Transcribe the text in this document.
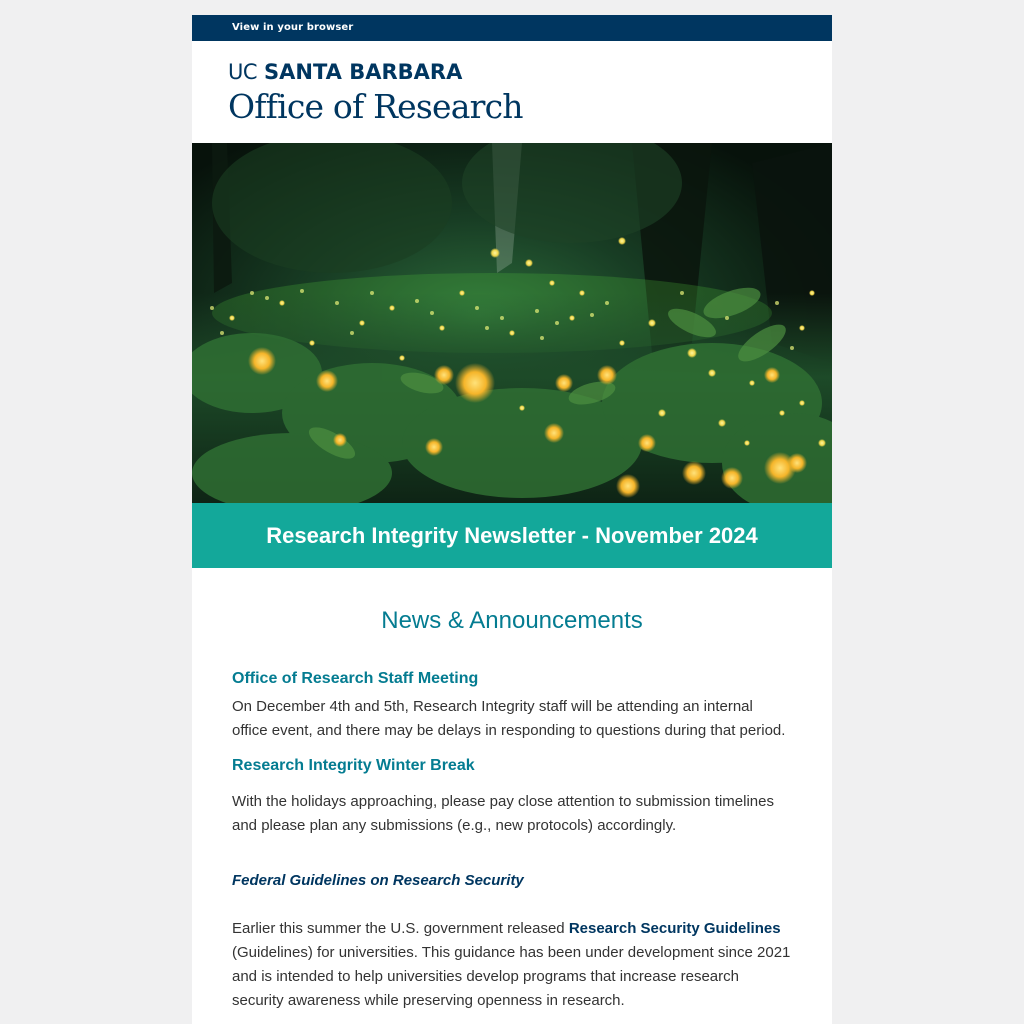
View in your browser
UC SANTA BARBARA
Office of Research
Research Integrity Newsletter - November 2024
News & Announcements
Office of Research Staff Meeting

On December 4th and 5th, Research Integrity staff will be attending an internal office event, and there may be delays in responding to questions during that period.

Research Integrity Winter Break

With the holidays approaching, please pay close attention to submission timelines and please plan any submissions (e.g., new protocols) accordingly.

Federal Guidelines on Research Security

Earlier this summer the U.S. government released Research Security Guidelines (Guidelines) for universities. This guidance has been under development since 2021 and is intended to help universities develop programs that increase research security awareness while preserving openness in research.
